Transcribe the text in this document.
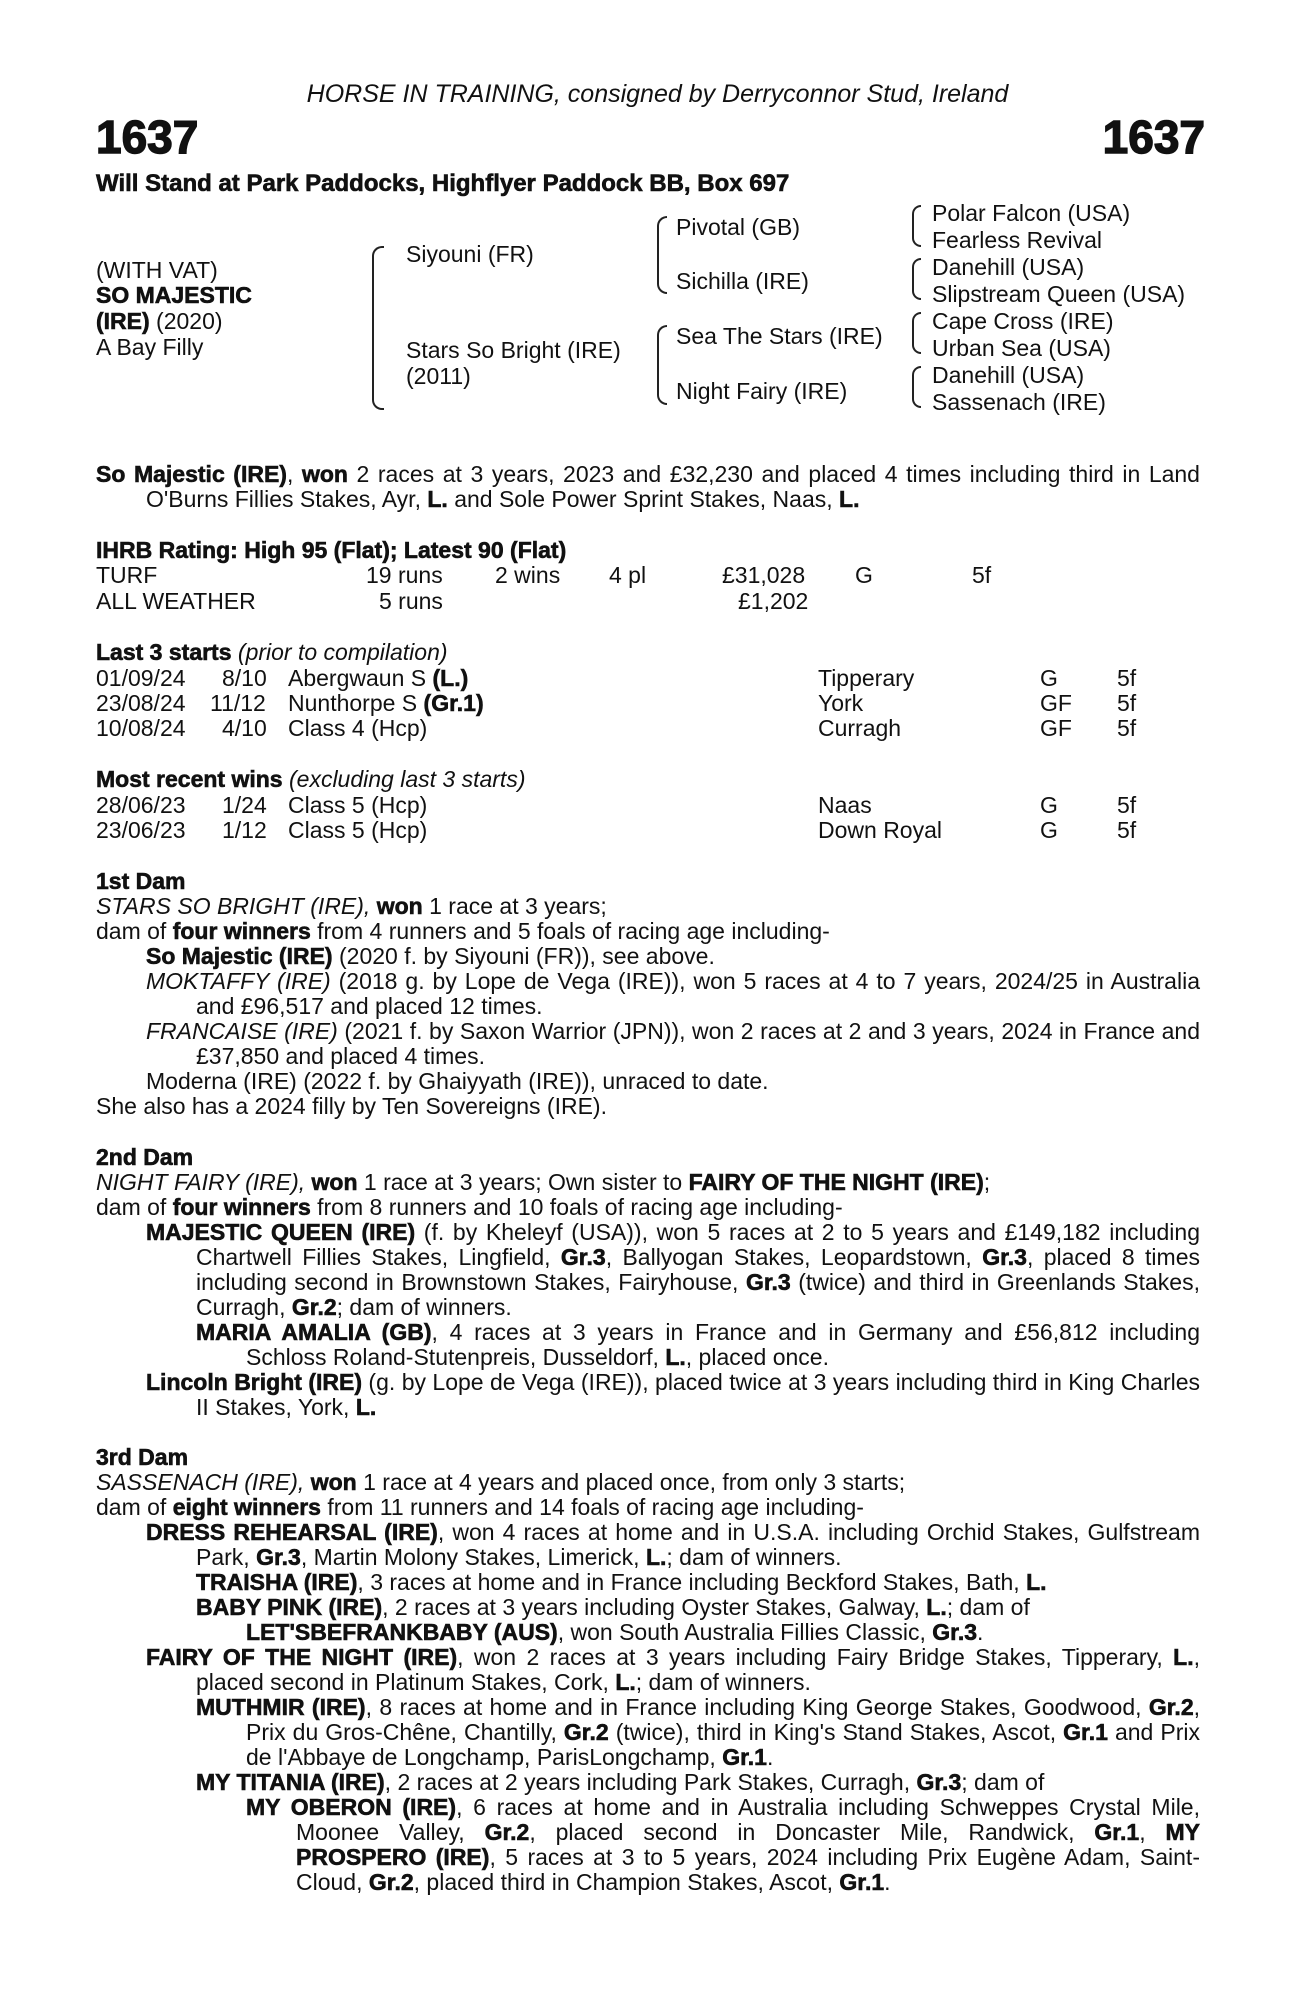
HORSE IN TRAINING, consigned by Derryconnor Stud, Ireland
1637	1637
Will Stand at Park Paddocks, Highflyer Paddock BB, Box 697
(WITH VAT)
SO MAJESTIC
(IRE) (2020)
A Bay Filly
Siyouni (FR)
Stars So Bright (IRE)
(2011)
Pivotal (GB)
Sichilla (IRE)
Sea The Stars (IRE)
Night Fairy (IRE)
Polar Falcon (USA)
Fearless Revival
Danehill (USA)
Slipstream Queen (USA)
Cape Cross (IRE)
Urban Sea (USA)
Danehill (USA)
Sassenach (IRE)
So Majestic (IRE), won 2 races at 3 years, 2023 and £32,230 and placed 4 times including third in Land O'Burns Fillies Stakes, Ayr, L. and Sole Power Sprint Stakes, Naas, L.
IHRB Rating: High 95 (Flat); Latest 90 (Flat)
TURF	19 runs 2 wins 4 pl	£31,028 G	5f
ALL WEATHER	5 runs	£1,202
Last 3 starts (prior to compilation)
01/09/24 8/10 Abergwaun S (L.)	Tipperary	G	5f
23/08/24 11/12 Nunthorpe S (Gr.1)	York	GF 5f
10/08/24 4/10 Class 4 (Hcp)	Curragh	GF 5f
Most recent wins (excluding last 3 starts)
28/06/23 1/24 Class 5 (Hcp)	Naas	G	5f
23/06/23 1/12 Class 5 (Hcp)	Down Royal	G	5f
1st Dam
STARS SO BRIGHT (IRE), won 1 race at 3 years;
dam of four winners from 4 runners and 5 foals of racing age including-
So Majestic (IRE) (2020 f. by Siyouni (FR)), see above.
MOKTAFFY (IRE) (2018 g. by Lope de Vega (IRE)), won 5 races at 4 to 7 years, 2024/25 in Australia and £96,517 and placed 12 times.
FRANCAISE (IRE) (2021 f. by Saxon Warrior (JPN)), won 2 races at 2 and 3 years, 2024 in France and £37,850 and placed 4 times.
Moderna (IRE) (2022 f. by Ghaiyyath (IRE)), unraced to date.
She also has a 2024 filly by Ten Sovereigns (IRE).
2nd Dam
NIGHT FAIRY (IRE), won 1 race at 3 years; Own sister to FAIRY OF THE NIGHT (IRE);
dam of four winners from 8 runners and 10 foals of racing age including-
MAJESTIC QUEEN (IRE) (f. by Kheleyf (USA)), won 5 races at 2 to 5 years and £149,182 including Chartwell Fillies Stakes, Lingfield, Gr.3, Ballyogan Stakes, Leopardstown, Gr.3, placed 8 times including second in Brownstown Stakes, Fairyhouse, Gr.3 (twice) and third in Greenlands Stakes, Curragh, Gr.2; dam of winners.
MARIA AMALIA (GB), 4 races at 3 years in France and in Germany and £56,812 including Schloss Roland-Stutenpreis, Dusseldorf, L., placed once.
Lincoln Bright (IRE) (g. by Lope de Vega (IRE)), placed twice at 3 years including third in King Charles II Stakes, York, L.
3rd Dam
SASSENACH (IRE), won 1 race at 4 years and placed once, from only 3 starts;
dam of eight winners from 11 runners and 14 foals of racing age including-
DRESS REHEARSAL (IRE), won 4 races at home and in U.S.A. including Orchid Stakes, Gulfstream Park, Gr.3, Martin Molony Stakes, Limerick, L.; dam of winners.
TRAISHA (IRE), 3 races at home and in France including Beckford Stakes, Bath, L.
BABY PINK (IRE), 2 races at 3 years including Oyster Stakes, Galway, L.; dam of
LET'SBEFRANKBABY (AUS), won South Australia Fillies Classic, Gr.3.
FAIRY OF THE NIGHT (IRE), won 2 races at 3 years including Fairy Bridge Stakes, Tipperary, L., placed second in Platinum Stakes, Cork, L.; dam of winners.
MUTHMIR (IRE), 8 races at home and in France including King George Stakes, Goodwood, Gr.2, Prix du Gros-Chêne, Chantilly, Gr.2 (twice), third in King's Stand Stakes, Ascot, Gr.1 and Prix de l'Abbaye de Longchamp, ParisLongchamp, Gr.1.
MY TITANIA (IRE), 2 races at 2 years including Park Stakes, Curragh, Gr.3; dam of
MY OBERON (IRE), 6 races at home and in Australia including Schweppes Crystal Mile, Moonee Valley, Gr.2, placed second in Doncaster Mile, Randwick, Gr.1, MY PROSPERO (IRE), 5 races at 3 to 5 years, 2024 including Prix Eugène Adam, Saint-Cloud, Gr.2, placed third in Champion Stakes, Ascot, Gr.1.
